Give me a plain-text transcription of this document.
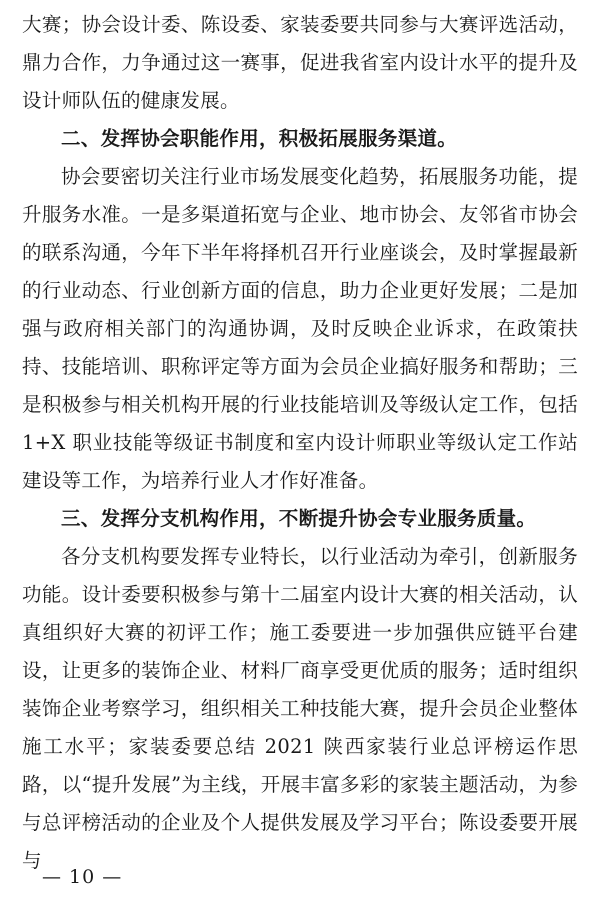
大赛；协会设计委、陈设委、家装委要共同参与大赛评选活动，鼎力合作，力争通过这一赛事，促进我省室内设计水平的提升及设计师队伍的健康发展。

二、发挥协会职能作用，积极拓展服务渠道。

协会要密切关注行业市场发展变化趋势，拓展服务功能，提升服务水准。一是多渠道拓宽与企业、地市协会、友邻省市协会的联系沟通，今年下半年将择机召开行业座谈会，及时掌握最新的行业动态、行业创新方面的信息，助力企业更好发展；二是加强与政府相关部门的沟通协调，及时反映企业诉求，在政策扶持、技能培训、职称评定等方面为会员企业搞好服务和帮助；三是积极参与相关机构开展的行业技能培训及等级认定工作，包括 1+X 职业技能等级证书制度和室内设计师职业等级认定工作站建设等工作，为培养行业人才作好准备。

三、发挥分支机构作用，不断提升协会专业服务质量。

各分支机构要发挥专业特长，以行业活动为牵引，创新服务功能。设计委要积极参与第十二届室内设计大赛的相关活动，认真组织好大赛的初评工作；施工委要进一步加强供应链平台建设，让更多的装饰企业、材料厂商享受更优质的服务；适时组织装饰企业考察学习，组织相关工种技能大赛，提升会员企业整体施工水平；家装委要总结 2021 陕西家装行业总评榜运作思路，以“提升发展”为主线，开展丰富多彩的家装主题活动，为参与总评榜活动的企业及个人提供发展及学习平台；陈设委要开展与

— 10 —
